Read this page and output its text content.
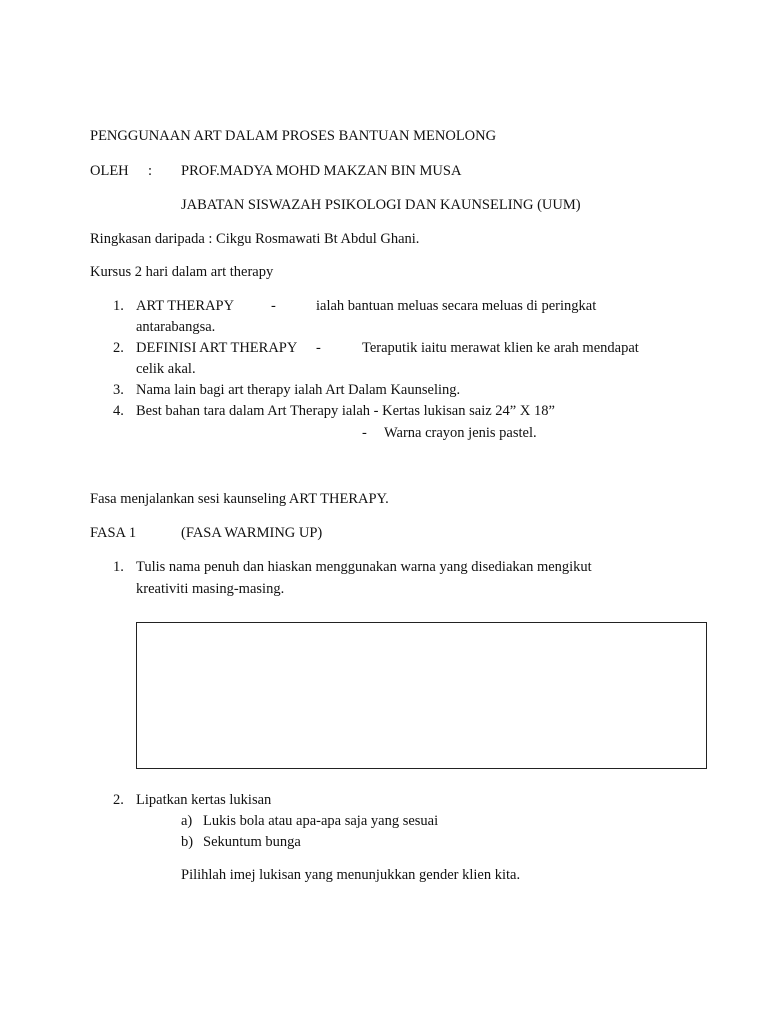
PENGGUNAAN ART DALAM PROSES BANTUAN MENOLONG
OLEH : PROF.MADYA MOHD MAKZAN BIN MUSA
JABATAN SISWAZAH PSIKOLOGI DAN KAUNSELING (UUM)
Ringkasan daripada : Cikgu Rosmawati Bt Abdul Ghani.
Kursus 2 hari dalam art therapy
1. ART THERAPY	-	ialah bantuan meluas secara meluas di peringkat
antarabangsa.
2. DEFINISI ART THERAPY -	Teraputik iaitu merawat klien ke arah mendapat
celik akal.
3. Nama lain bagi art therapy ialah Art Dalam Kaunseling.
4. Best bahan tara dalam Art Therapy ialah - Kertas lukisan saiz 24” X 18”
- Warna crayon jenis pastel.
Fasa menjalankan sesi kaunseling ART THERAPY.
FASA 1	(FASA WARMING UP)
1. Tulis nama penuh dan hiaskan menggunakan warna yang disediakan mengikut
kreativiti masing-masing.
2. Lipatkan kertas lukisan
a) Lukis bola atau apa-apa saja yang sesuai
b) Sekuntum bunga
Pilihlah imej lukisan yang menunjukkan gender klien kita.
